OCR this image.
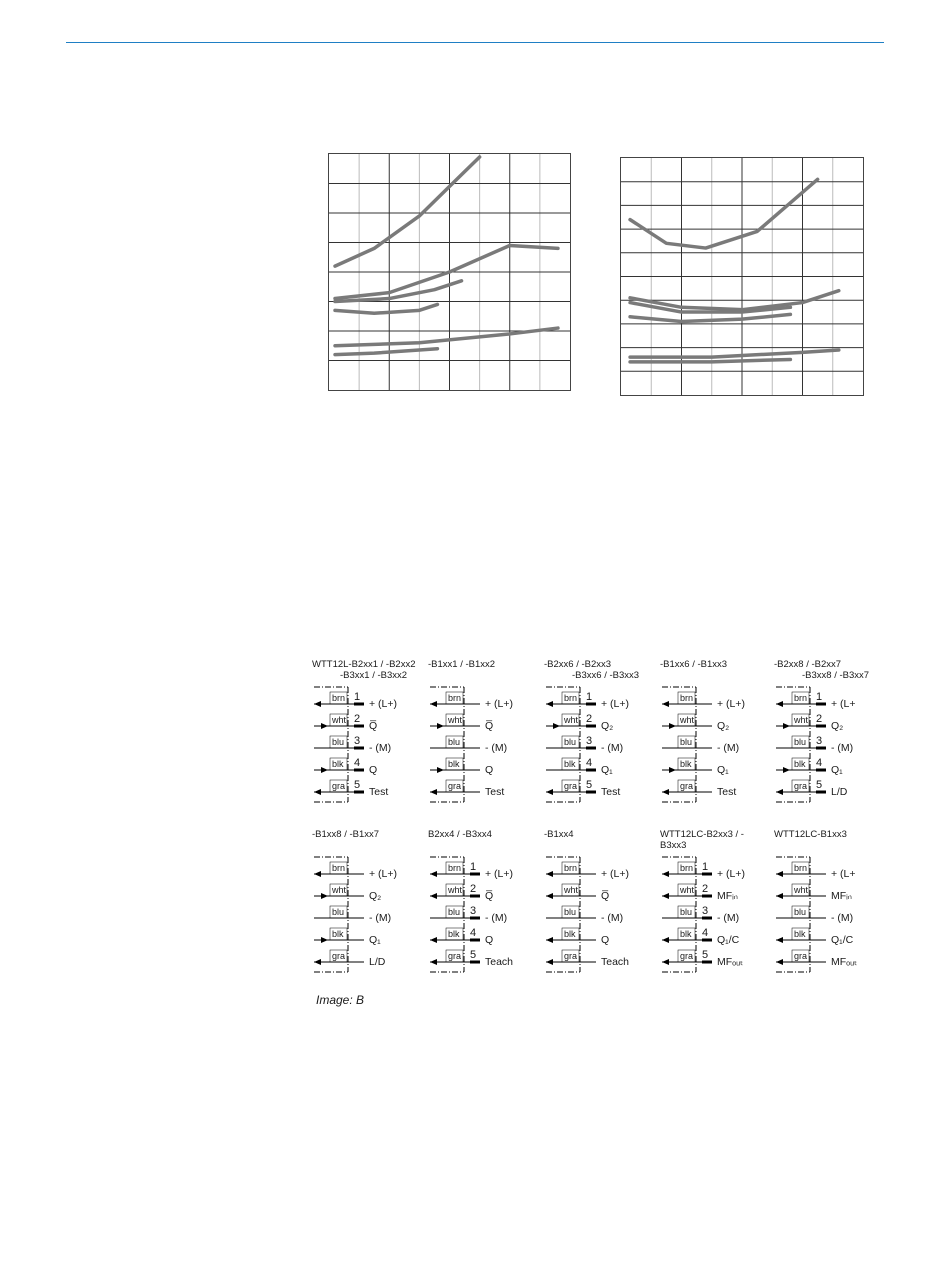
WTT12L-B2xx1 / -B2xx2
-B3xx1 / -B3xx2
brn 1
+ (L+)
wht 2
Q̅
blu 3
- (M)
blk 4
Q
gra 5
Test
-B1xx1 / -B1xx2
brn + (L+)
wht Q̅
blu - (M)
blk Q
gra Test
-B2xx6 / -B2xx3
-B3xx6 / -B3xx3
brn 1
+ (L+)
wht 2
Q₂
blu 3
- (M)
blk 4
Q₁
gra 5
Test
-B1xx6 / -B1xx3
brn + (L+)
wht Q₂
blu - (M)
blk Q₁
gra Test
-B2xx8 / -B2xx7
-B3xx8 / -B3xx7
brn 1
+ (L+
wht 2
Q₂
blu 3
- (M)
blk 4
Q₁
gra 5
L/D
-B1xx8 / -B1xx7
brn + (L+)
wht Q₂
blu - (M)
blk Q₁
gra L/D
B2xx4 / -B3xx4
brn 1
+ (L+)
wht 2
Q̅
blu 3
- (M)
blk 4
Q
gra 5
Teach
-B1xx4
brn + (L+)
wht Q̅
blu - (M)
blk Q
gra Teach
WTT12LC-B2xx3 / -B3xx3
brn 1
+ (L+)
wht 2
MFᵢₙ
blu 3
- (M)
blk 4
Q₁/C
gra 5
MFₒᵤₜ
WTT12LC-B1xx3
brn + (L+
wht MFᵢₙ
blu - (M)
blk Q₁/C
gra MFₒᵤₜ
Image: B
